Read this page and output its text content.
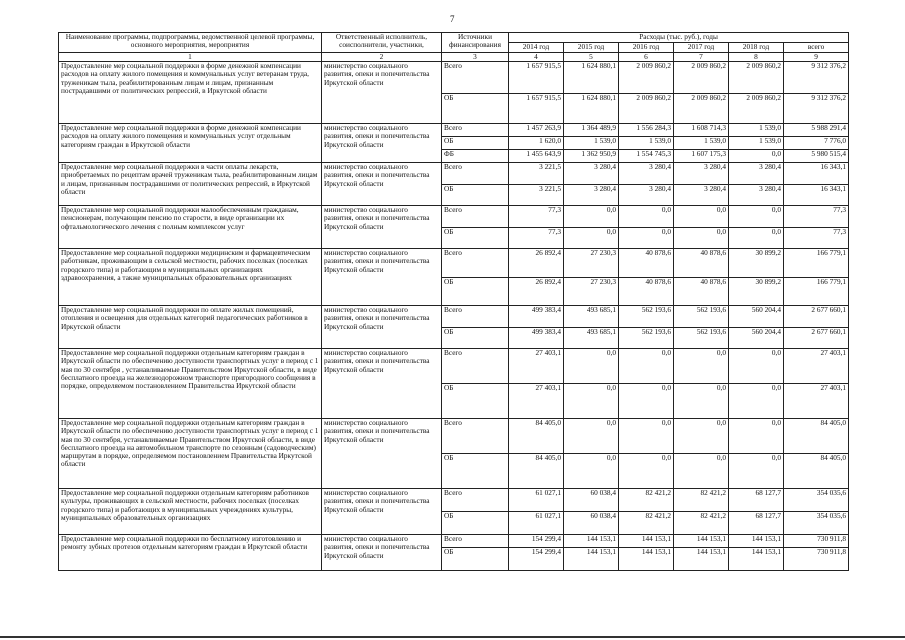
7
Наименование программы, подпрограммы, ведомственной целевой программы, основного мероприятия, мероприятия	Ответственный исполнитель, соисполнители, участники,	Источники финансирования	Расходы (тыс. руб.), годы					
			2014 год	2015 год	2016 год	2017 год	2018 год	всего
1	2	3	4	5	6	7	8	9
Предоставление мер социальной поддержки в форме денежной компенсации расходов на оплату жилого помещения и коммунальных услуг ветеранам труда, труженикам тыла, реабилитированным лицам и лицам, признанным пострадавшими от политических репрессий, в Иркутской области	министерство социального развития, опеки и попечительства Иркутской области	Всего	1 657 915,5	1 624 880,1	2 009 860,2	2 009 860,2	2 009 860,2	9 312 376,2
		ОБ	1 657 915,5	1 624 880,1	2 009 860,2	2 009 860,2	2 009 860,2	9 312 376,2
Предоставление мер социальной поддержки в форме денежной компенсации расходов на оплату жилого помещения и коммунальных услуг отдельным категориям граждан в Иркутской области	министерство социального развития, опеки и попечительства Иркутской области	Всего	1 457 263,9	1 364 489,9	1 556 284,3	1 608 714,3	1 539,0	5 988 291,4
		ОБ	1 620,0	1 539,0	1 539,0	1 539,0	1 539,0	7 776,0
		ФБ	1 455 643,9	1 362 950,9	1 554 745,3	1 607 175,3	0,0	5 980 515,4
Предоставление мер социальной поддержки в части оплаты лекарств, приобретаемых по рецептам врачей труженикам тыла, реабилитированным лицам и лицам, признанным пострадавшими от политических репрессий, в Иркутской области	министерство социального развития, опеки и попечительства Иркутской области	Всего	3 221,5	3 280,4	3 280,4	3 280,4	3 280,4	16 343,1
		ОБ	3 221,5	3 280,4	3 280,4	3 280,4	3 280,4	16 343,1
Предоставление мер социальной поддержки малообеспеченным гражданам, пенсионерам, получающим пенсию по старости, в виде организации их офтальмологического лечения с полным комплексом услуг	министерство социального развития, опеки и попечительства Иркутской области	Всего	77,3	0,0	0,0	0,0	0,0	77,3
		ОБ	77,3	0,0	0,0	0,0	0,0	77,3
Предоставление мер социальной поддержки медицинским и фармацевтическим работникам, проживающим в сельской местности, рабочих поселках (поселках городского типа) и работающим в муниципальных организациях здравоохранения, а также муниципальных образовательных организациях	министерство социального развития, опеки и попечительства Иркутской области	Всего	26 892,4	27 230,3	40 878,6	40 878,6	30 899,2	166 779,1
		ОБ	26 892,4	27 230,3	40 878,6	40 878,6	30 899,2	166 779,1
Предоставление мер социальной поддержки по оплате жилых помещений, отопления и освещения для отдельных категорий педагогических работников в Иркутской области	министерство социального развития, опеки и попечительства Иркутской области	Всего	499 383,4	493 685,1	562 193,6	562 193,6	560 204,4	2 677 660,1
		ОБ	499 383,4	493 685,1	562 193,6	562 193,6	560 204,4	2 677 660,1
Предоставление мер социальной поддержки отдельным категориям граждан в Иркутской области по обеспечению доступности транспортных услуг в период с 1 мая по 30 сентября , устанавливаемые Правительством Иркутской области, в виде бесплатного проезда на железнодорожном транспорте пригородного сообщения в порядке, определяемом постановлением Правительства Иркутской области	министерство социального развития, опеки и попечительства Иркутской области	Всего	27 403,1	0,0	0,0	0,0	0,0	27 403,1
		ОБ	27 403,1	0,0	0,0	0,0	0,0	27 403,1
Предоставление мер социальной поддержки отдельным категориям граждан в Иркутской области по обеспечению доступности транспортных услуг в период с 1 мая по 30 сентября, устанавливаемые Правительством Иркутской области, в виде бесплатного проезда на автомобильном транспорте по сезонным (садоводческим) маршрутам в порядке, определяемом постановлением Правительства Иркутской области	министерство социального развития, опеки и попечительства Иркутской области	Всего	84 405,0	0,0	0,0	0,0	0,0	84 405,0
		ОБ	84 405,0	0,0	0,0	0,0	0,0	84 405,0
Предоставление мер социальной поддержки отдельным категориям работников культуры, проживающих в сельской местности, рабочих поселках (поселках городского типа) и работающих в муниципальных учреждениях культуры, муниципальных образовательных организациях	министерство социального развития, опеки и попечительства Иркутской области	Всего	61 027,1	60 038,4	82 421,2	82 421,2	68 127,7	354 035,6
		ОБ	61 027,1	60 038,4	82 421,2	82 421,2	68 127,7	354 035,6
Предоставление мер социальной поддержки по бесплатному изготовлению и ремонту зубных протезов отдельным категориям граждан в Иркутской области	министерство социального развития, опеки и попечительства Иркутской области	Всего	154 299,4	144 153,1	144 153,1	144 153,1	144 153,1	730 911,8
		ОБ	154 299,4	144 153,1	144 153,1	144 153,1	144 153,1	730 911,8
